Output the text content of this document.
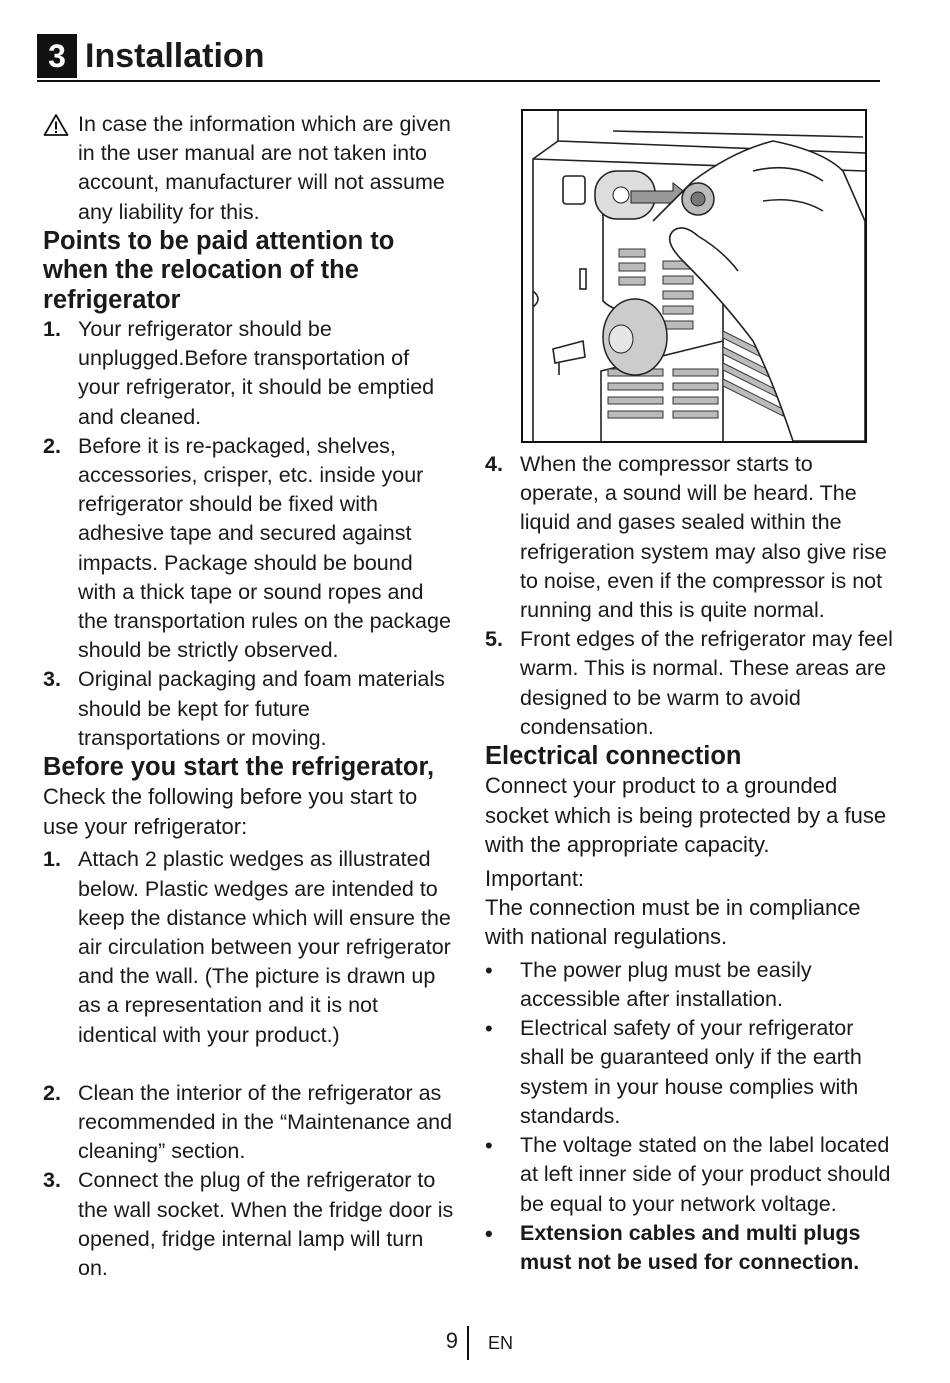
3 Installation

In case the information which are given in the user manual are not taken into account, manufacturer will not assume any liability for this.

Points to be paid attention to when the relocation of the refrigerator
1. Your refrigerator should be unplugged.Before transportation of your refrigerator, it should be emptied and cleaned.
2. Before it is re-packaged, shelves, accessories, crisper, etc. inside your refrigerator should be fixed with adhesive tape and secured against impacts. Package should be bound with a thick tape or sound ropes and the transportation rules on the package should be strictly observed.
3. Original packaging and foam materials should be kept for future transportations or moving.
Before you start the refrigerator,

Check the following before you start to use your refrigerator:

1. Attach 2 plastic wedges as illustrated below. Plastic wedges are intended to keep the distance which will ensure the air circulation between your refrigerator and the wall. (The picture is drawn up as a representation and it is not identical with your product.)
2. Clean the interior of the refrigerator as recommended in the “Maintenance and cleaning” section.
3. Connect the plug of the refrigerator to the wall socket. When the fridge door is opened, fridge internal lamp will turn on.
4. When the compressor starts to operate, a sound will be heard. The liquid and gases sealed within the refrigeration system may also give rise to noise, even if the compressor is not running and this is quite normal.
5. Front edges of the refrigerator may feel warm. This is normal. These areas are designed to be warm to avoid condensation.
Electrical connection

Connect your product to a grounded socket which is being protected by a fuse with the appropriate capacity.

Important:

The connection must be in compliance with national regulations.

• The power plug must be easily accessible after installation.
• Electrical safety of your refrigerator shall be guaranteed only if the earth system in your house complies with standards.
• The voltage stated on the label located at left inner side of your product should be equal to your network voltage.
• Extension cables and multi plugs must not be used for connection.
9 EN
